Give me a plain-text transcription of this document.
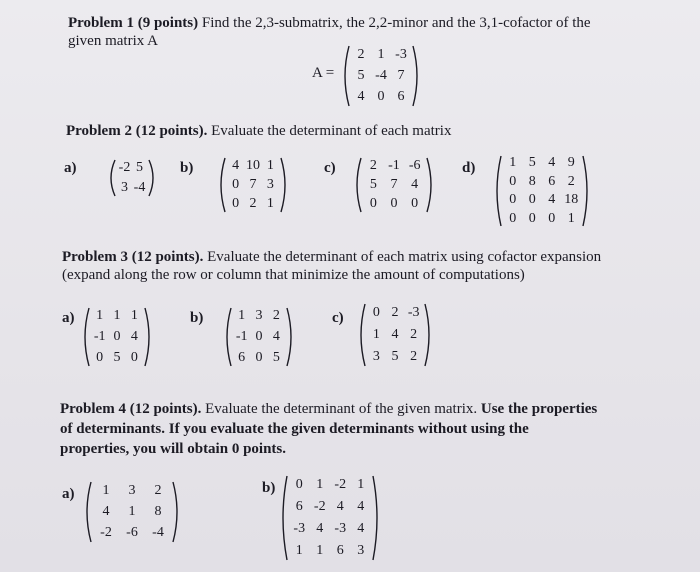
Problem 1 (9 points) Find the 2,3-submatrix, the 2,2-minor and the 3,1-cofactor of the
given matrix A
A =
2 1 -3
5 -4 7
4 0 6
Problem 2 (12 points). Evaluate the determinant of each matrix
a)	-2 5
3 -4
b)	4 10 1
0 7 3
0 2 1
c)	2 -1 -6
5 7 4
0 0 0
d)	1 5 4 9
0 8 6 2
0 0 4 18
0 0 0 1
Problem 3 (12 points). Evaluate the determinant of each matrix using cofactor expansion
(expand along the row or column that minimize the amount of computations)
a)	1 1 1
-1 0 4
0 5 0
b)	1 3 2
-1 0 4
6 0 5
c)	0 2 -3
1 4 2
3 5 2
Problem 4 (12 points). Evaluate the determinant of the given matrix. Use the properties
of determinants. If you evaluate the given determinants without using the
properties, you will obtain 0 points.
a)	1	3	2
4	1	8
-2	-6	-4
b)	0 1 -2 1
6 -2 4 4
-3 4 -3 4
1 1 6 3
